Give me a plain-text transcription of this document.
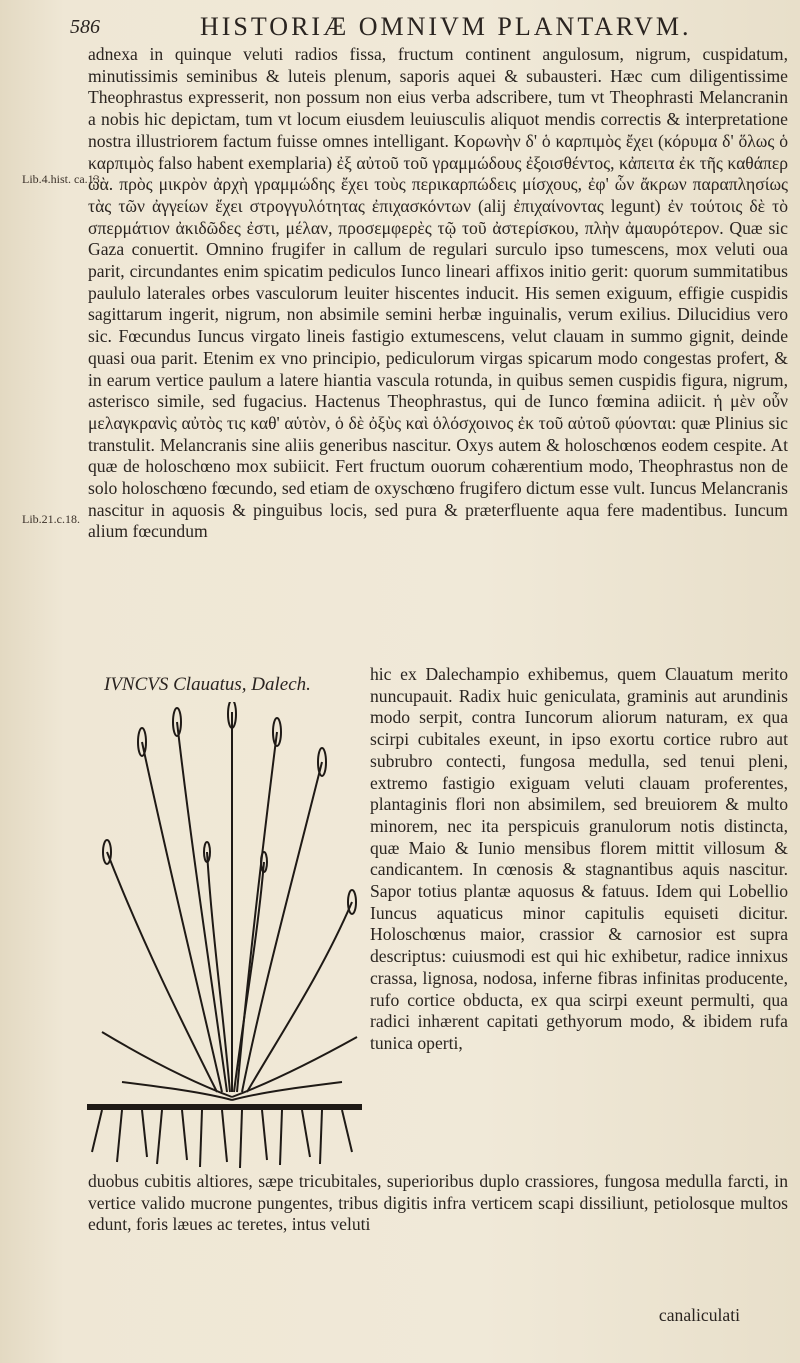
586	HISTORIÆ OMNIVM PLANTARVM.
Lib.4.hist. ca.13.
Lib.21.c.18.

adnexa in quinque veluti radios fissa, fructum continent angulosum, nigrum, cuspidatum, minutissimis seminibus & luteis plenum, saporis aquei & subausteri. Hæc cum diligentissime Theophrastus expresserit, non possum non eius verba adscribere, tum vt Theophrasti Melancranin a nobis hic depictam, tum vt locum eiusdem leuiusculis aliquot mendis correctis & interpretatione nostra illustriorem factum fuisse omnes intelligant. Κορωνὴν δ' ὁ καρπιμὸς ἔχει (κόρυμα δ' ὅλως ὁ καρπιμὸς falso habent exemplaria) ἐξ αὐτοῦ τοῦ γραμμώδους ἐξοισθέντος, κἀπειτα ἐκ τῆς καθάπερ ὠὰ. πρὸς μικρὸν ἀρχὴ γραμμώδης ἔχει τοὺς περικαρπώδεις μίσχους, ἐφ' ὧν ἄκρων παραπλησίως τὰς τῶν ἀγγείων ἔχει στρογγυλότητας ἐπιχασκόντων (alij ἐπιχαίνοντας legunt) ἐν τούτοις δὲ τὸ σπερμάτιον ἀκιδῶδες ἐστι, μέλαν, προσεμφερὲς τῷ τοῦ ἀστερίσκου, πλὴν ἀμαυρότερον. Quæ sic Gaza conuertit. Omnino frugifer in callum de regulari surculo ipso tumescens, mox veluti oua parit, circundantes enim spicatim pediculos Iunco lineari affixos initio gerit: quorum summitatibus paululo laterales orbes vasculorum leuiter hiscentes inducit. His semen exiguum, effigie cuspidis sagittarum ingerit, nigrum, non absimile semini herbæ inguinalis, verum exilius. Dilucidius vero sic. Fœcundus Iuncus virgato lineis fastigio extumescens, velut clauam in summo gignit, deinde quasi oua parit. Etenim ex vno principio, pediculorum virgas spicarum modo congestas profert, & in earum vertice paulum a latere hiantia vascula rotunda, in quibus semen cuspidis figura, nigrum, asterisco simile, sed fugacius. Hactenus Theophrastus, qui de Iunco fœmina adiicit. ἡ μὲν οὖν μελαγκρανὶς αὐτὸς τις καθ' αὑτὸν, ὁ δὲ ὀξὺς καὶ ὁλόσχοινος ἐκ τοῦ αὐτοῦ φύονται: quæ Plinius sic transtulit. Melancranis sine aliis generibus nascitur. Oxys autem & holoschœnos eodem cespite. At quæ de holoschœno mox subiicit. Fert fructum ouorum cohærentium modo, Theophrastus non de solo holoschœno fœcundo, sed etiam de oxyschœno frugifero dictum esse vult. Iuncus Melancranis nascitur in aquosis & pinguibus locis, sed pura & præterfluente aqua fere madentibus. Iuncum alium fœcundum

IVNCVS Clauatus, Dalech.	hic ex Dalechampio exhibemus, quem Clauatum merito nuncupauit. Radix huic geniculata, graminis aut arundinis modo serpit, contra Iuncorum aliorum naturam, ex qua scirpi cubitales exeunt, in ipso exortu cortice rubro aut subrubro contecti, fungosa medulla, sed tenui pleni, extremo fastigio exiguam veluti clauam proferentes, plantaginis flori non absimilem, sed breuiorem & multo minorem, nec ita perspicuis granulorum notis distincta, quæ Maio & Iunio mensibus florem mittit villosum & candicantem. In cœnosis & stagnantibus aquis nascitur. Sapor totius plantæ aquosus & fatuus. Idem qui Lobellio Iuncus aquaticus minor capitulis equiseti dicitur. Holoschœnus maior, crassior & carnosior est supra descriptus: cuiusmodi est qui hic exhibetur, radice innixus crassa, lignosa, nodosa, inferne fibras infinitas producente, rufo cortice obducta, ex qua scirpi exeunt permulti, qua radici inhærent capitati gethyorum modo, & ibidem rufa tunica operti,

duobus cubitis altiores, sæpe tricubitales, superioribus duplo crassiores, fungosa medulla farcti, in vertice valido mucrone pungentes, tribus digitis infra verticem scapi dissiliunt, petiolosque multos edunt, foris læues ac teretes, intus veluti

canaliculati
